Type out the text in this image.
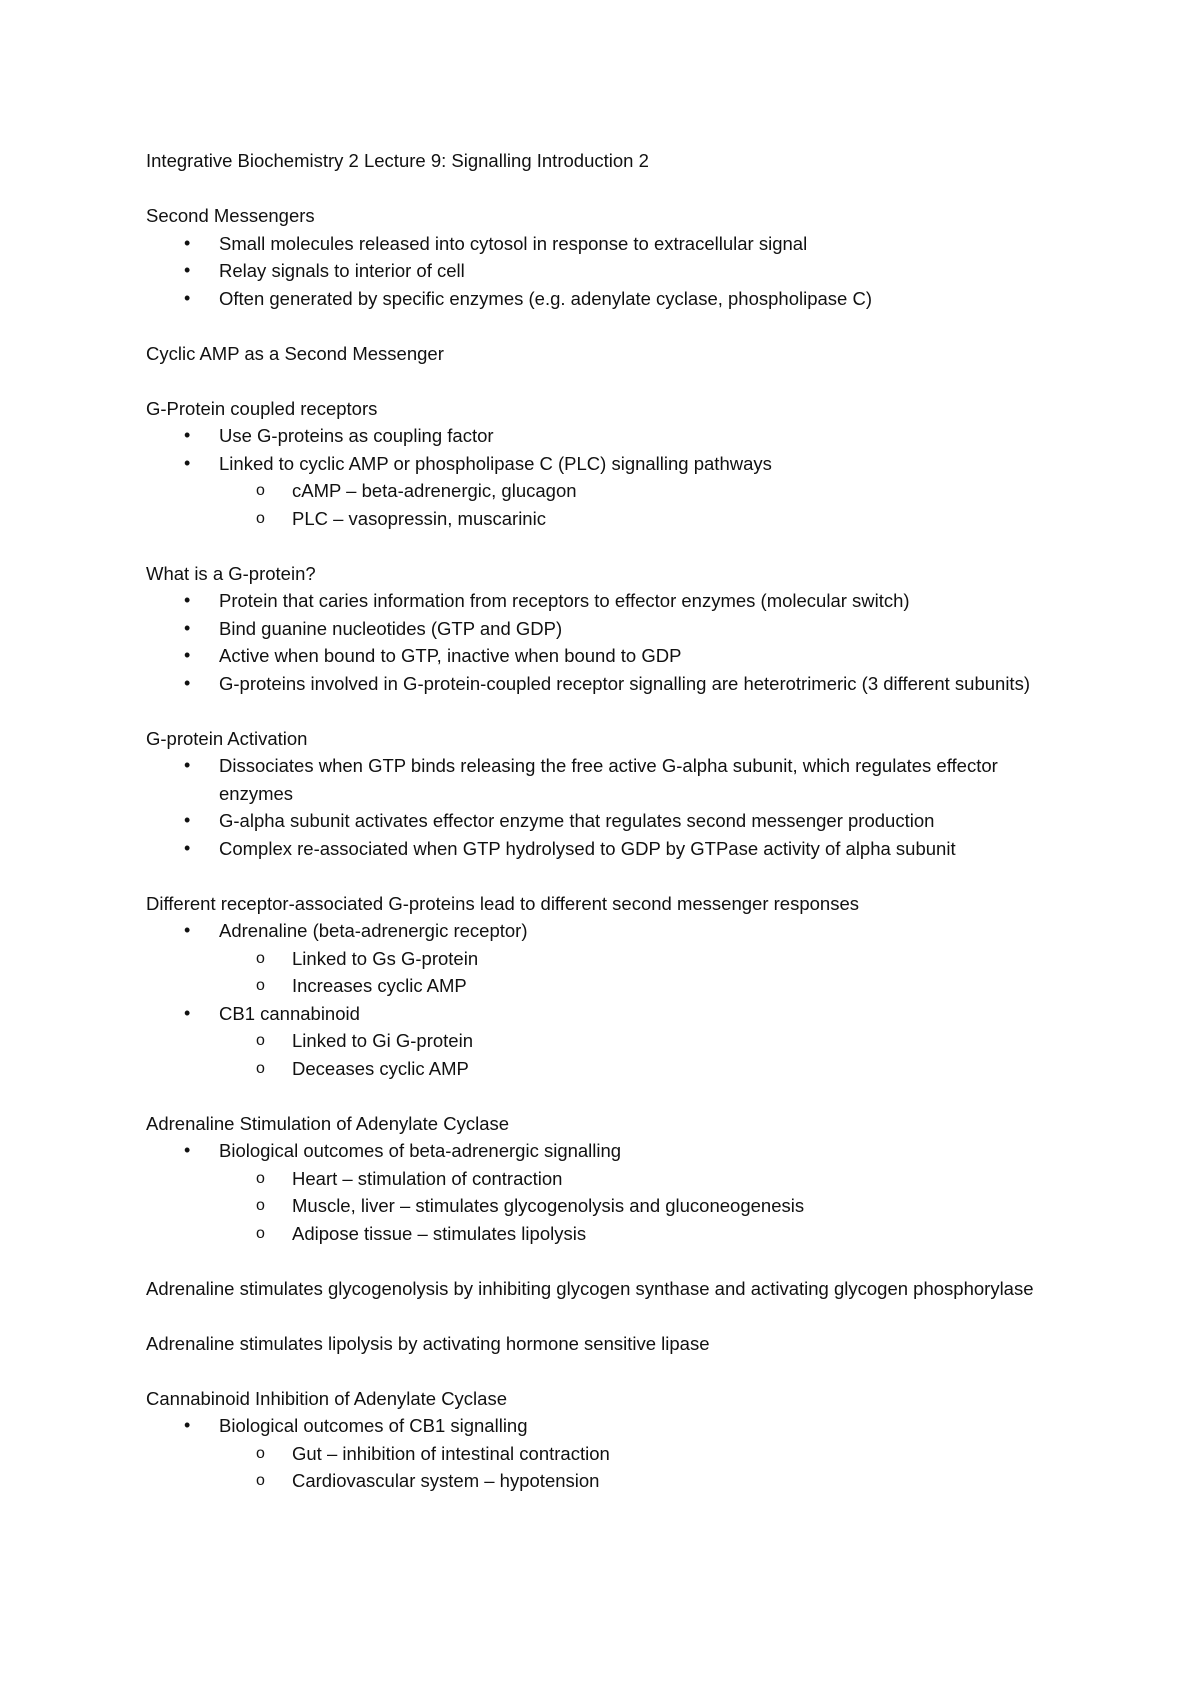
Integrative Biochemistry 2 Lecture 9: Signalling Introduction 2

Second Messengers

• Small molecules released into cytosol in response to extracellular signal
• Relay signals to interior of cell
• Often generated by specific enzymes (e.g. adenylate cyclase, phospholipase C)

Cyclic AMP as a Second Messenger

G-Protein coupled receptors

• Use G-proteins as coupling factor
• Linked to cyclic AMP or phospholipase C (PLC) signalling pathways
o cAMP – beta-adrenergic, glucagon
o PLC – vasopressin, muscarinic

What is a G-protein?

• Protein that caries information from receptors to effector enzymes (molecular switch)
• Bind guanine nucleotides (GTP and GDP)
• Active when bound to GTP, inactive when bound to GDP
• G-proteins involved in G-protein-coupled receptor signalling are heterotrimeric (3 different subunits)

G-protein Activation

• Dissociates when GTP binds releasing the free active G-alpha subunit, which regulates effector enzymes
• G-alpha subunit activates effector enzyme that regulates second messenger production
• Complex re-associated when GTP hydrolysed to GDP by GTPase activity of alpha subunit

Different receptor-associated G-proteins lead to different second messenger responses

• Adrenaline (beta-adrenergic receptor)
o Linked to Gs G-protein
o Increases cyclic AMP
• CB1 cannabinoid
o Linked to Gi G-protein
o Deceases cyclic AMP

Adrenaline Stimulation of Adenylate Cyclase

• Biological outcomes of beta-adrenergic signalling
o Heart – stimulation of contraction
o Muscle, liver – stimulates glycogenolysis and gluconeogenesis
o Adipose tissue – stimulates lipolysis

Adrenaline stimulates glycogenolysis by inhibiting glycogen synthase and activating glycogen phosphorylase

Adrenaline stimulates lipolysis by activating hormone sensitive lipase

Cannabinoid Inhibition of Adenylate Cyclase

• Biological outcomes of CB1 signalling
o Gut – inhibition of intestinal contraction
o Cardiovascular system – hypotension
